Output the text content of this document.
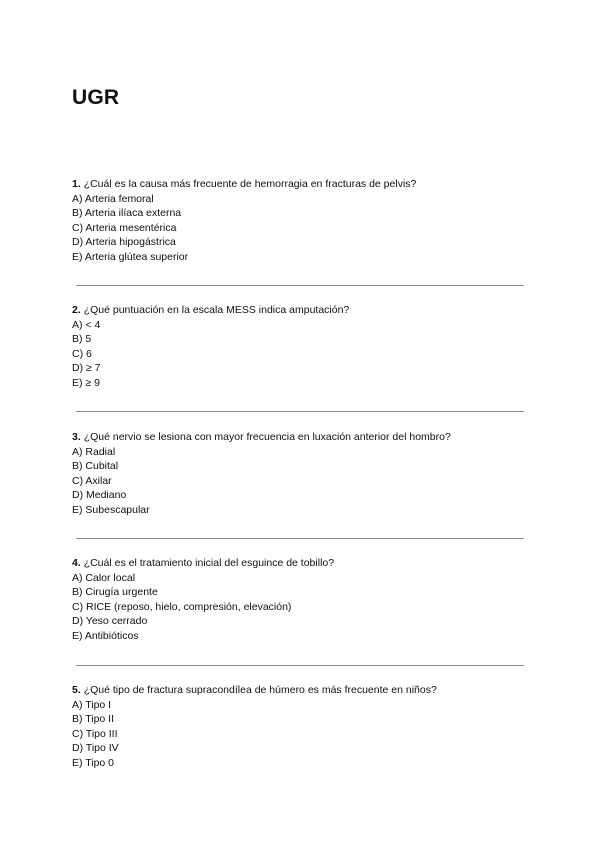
UGR
1. ¿Cuál es la causa más frecuente de hemorragia en fracturas de pelvis?
A) Arteria femoral
B) Arteria ilíaca externa
C) Arteria mesentérica
D) Arteria hipogástrica
E) Arteria glútea superior
2. ¿Qué puntuación en la escala MESS indica amputación?
A) < 4
B) 5
C) 6
D) ≥ 7
E) ≥ 9
3. ¿Qué nervio se lesiona con mayor frecuencia en luxación anterior del hombro?
A) Radial
B) Cubital
C) Axilar
D) Mediano
E) Subescapular
4. ¿Cuál es el tratamiento inicial del esguince de tobillo?
A) Calor local
B) Cirugía urgente
C) RICE (reposo, hielo, compresión, elevación)
D) Yeso cerrado
E) Antibióticos
5. ¿Qué tipo de fractura supracondílea de húmero es más frecuente en niños?
A) Tipo I
B) Tipo II
C) Tipo III
D) Tipo IV
E) Tipo 0
